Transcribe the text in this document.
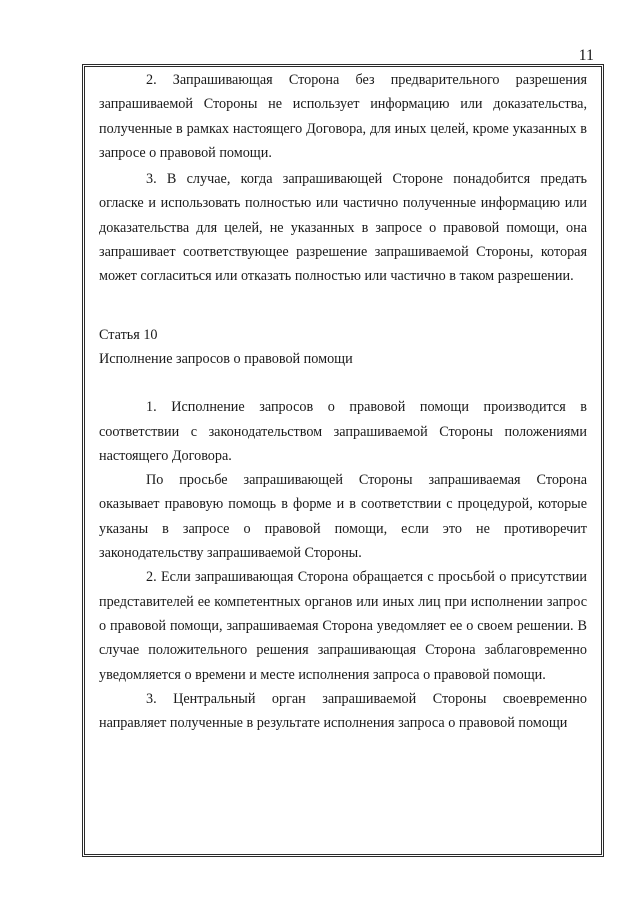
11

2. Запрашивающая Сторона без предварительного разрешения запрашиваемой Стороны не использует информацию или доказательства, полученные в рамках настоящего Договора, для иных целей, кроме указанных в запросе о правовой помощи.

3. В случае, когда запрашивающей Стороне понадобится предать огласке и использовать полностью или частично полученные информацию или доказательства для целей, не указанных в запросе о правовой помощи, она запрашивает соответствующее разрешение запрашиваемой Стороны, которая может согласиться или отказать полностью или частично в таком разрешении.

Статья 10

Исполнение запросов о правовой помощи

1. Исполнение запросов о правовой помощи производится в соответствии с законодательством запрашиваемой Стороны положениями настоящего Договора.

По просьбе запрашивающей Стороны запрашиваемая Сторона оказывает правовую помощь в форме и в соответствии с процедурой, которые указаны в запросе о правовой помощи, если это не противоречит законодательству запрашиваемой Стороны.

2. Если запрашивающая Сторона обращается с просьбой о присутствии представителей ее компетентных органов или иных лиц при исполнении запрос о правовой помощи, запрашиваемая Сторона уведомляет ее о своем решении. В случае положительного решения запрашивающая Сторона заблаговременно уведомляется о времени и месте исполнения запроса о правовой помощи.

3. Центральный орган запрашиваемой Стороны своевременно направляет полученные в результате исполнения запроса о правовой помощи
